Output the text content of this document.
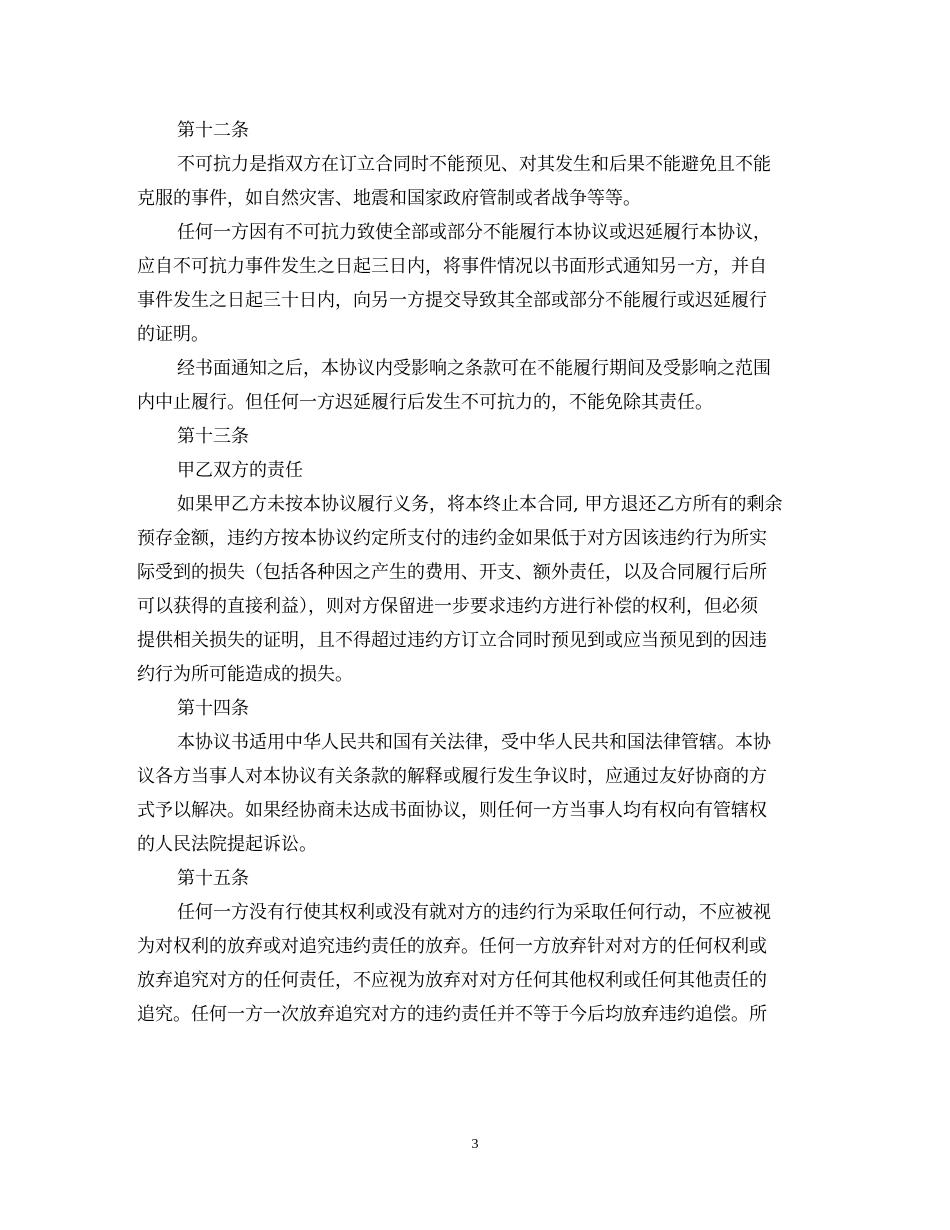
第十二条

不可抗力是指双方在订立合同时不能预见、对其发生和后果不能避免且不能

克服的事件，如自然灾害、地震和国家政府管制或者战争等等。

任何一方因有不可抗力致使全部或部分不能履行本协议或迟延履行本协议，

应自不可抗力事件发生之日起三日内，将事件情况以书面形式通知另一方，并自

事件发生之日起三十日内，向另一方提交导致其全部或部分不能履行或迟延履行

的证明。

经书面通知之后，本协议内受影响之条款可在不能履行期间及受影响之范围

内中止履行。但任何一方迟延履行后发生不可抗力的，不能免除其责任。

第十三条

甲乙双方的责任

如果甲乙方未按本协议履行义务，将本终止本合同, 甲方退还乙方所有的剩余

预存金额，违约方按本协议约定所支付的违约金如果低于对方因该违约行为所实

际受到的损失（包括各种因之产生的费用、开支、额外责任，以及合同履行后所

可以获得的直接利益），则对方保留进一步要求违约方进行补偿的权利，但必须

提供相关损失的证明，且不得超过违约方订立合同时预见到或应当预见到的因违

约行为所可能造成的损失。

第十四条

本协议书适用中华人民共和国有关法律，受中华人民共和国法律管辖。本协

议各方当事人对本协议有关条款的解释或履行发生争议时，应通过友好协商的方

式予以解决。如果经协商未达成书面协议，则任何一方当事人均有权向有管辖权

的人民法院提起诉讼。

第十五条

任何一方没有行使其权利或没有就对方的违约行为采取任何行动，不应被视

为对权利的放弃或对追究违约责任的放弃。任何一方放弃针对对方的任何权利或

放弃追究对方的任何责任，不应视为放弃对对方任何其他权利或任何其他责任的

追究。任何一方一次放弃追究对方的违约责任并不等于今后均放弃违约追偿。所

3
